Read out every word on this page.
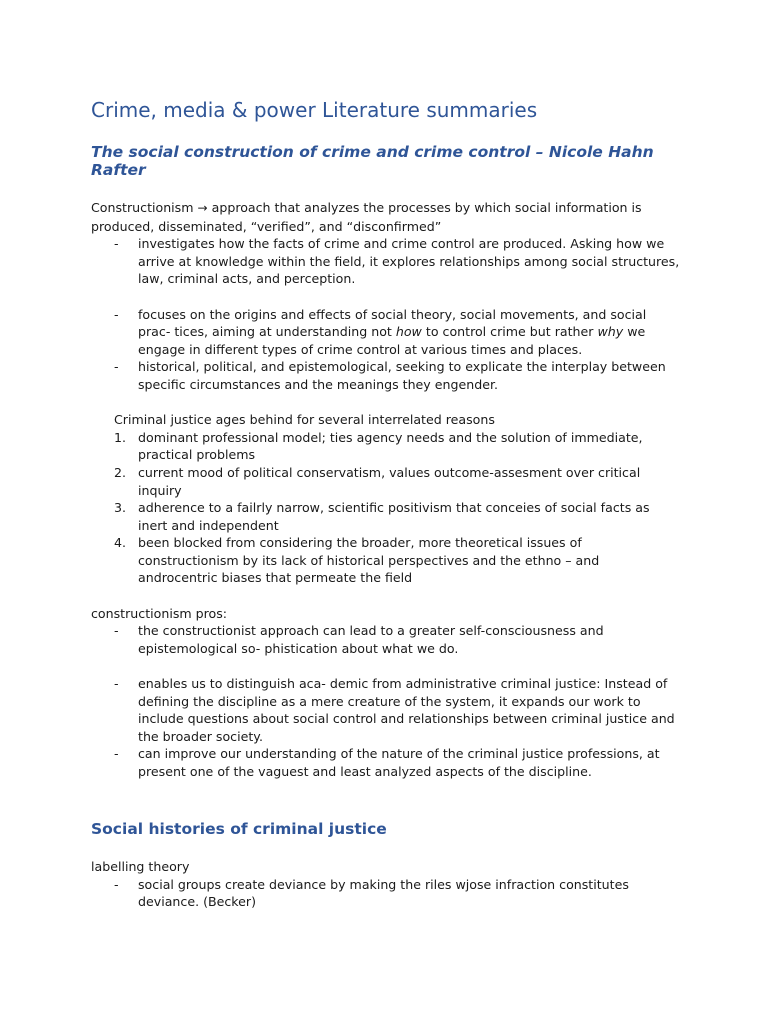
Crime, media & power Literature summaries
The social construction of crime and crime control – Nicole Hahn Rafter

Constructionism → approach that analyzes the processes by which social information is produced, disseminated, “verified”, and “disconfirmed”

- investigates how the facts of crime and crime control are produced. Asking how we arrive at knowledge within the field, it explores relationships among social structures, law, criminal acts, and perception.
- focuses on the origins and effects of social theory, social movements, and social prac- tices, aiming at understanding not how to control crime but rather why we engage in different types of crime control at various times and places.
- historical, political, and epistemological, seeking to explicate the interplay between specific circumstances and the meanings they engender.

Criminal justice ages behind for several interrelated reasons

1. dominant professional model; ties agency needs and the solution of immediate, practical problems
2. current mood of political conservatism, values outcome-assesment over critical inquiry
3. adherence to a failrly narrow, scientific positivism that conceies of social facts as inert and independent
4. been blocked from considering the broader, more theoretical issues of constructionism by its lack of historical perspectives and the ethno – and androcentric biases that permeate the field

constructionism pros:

- the constructionist approach can lead to a greater self-consciousness and epistemological so- phistication about what we do.
- enables us to distinguish aca- demic from administrative criminal justice: Instead of defining the discipline as a mere creature of the system, it expands our work to include questions about social control and relationships between criminal justice and the broader society.
- can improve our understanding of the nature of the criminal justice professions, at present one of the vaguest and least analyzed aspects of the discipline.
Social histories of criminal justice

labelling theory

- social groups create deviance by making the riles wjose infraction constitutes deviance. (Becker)
